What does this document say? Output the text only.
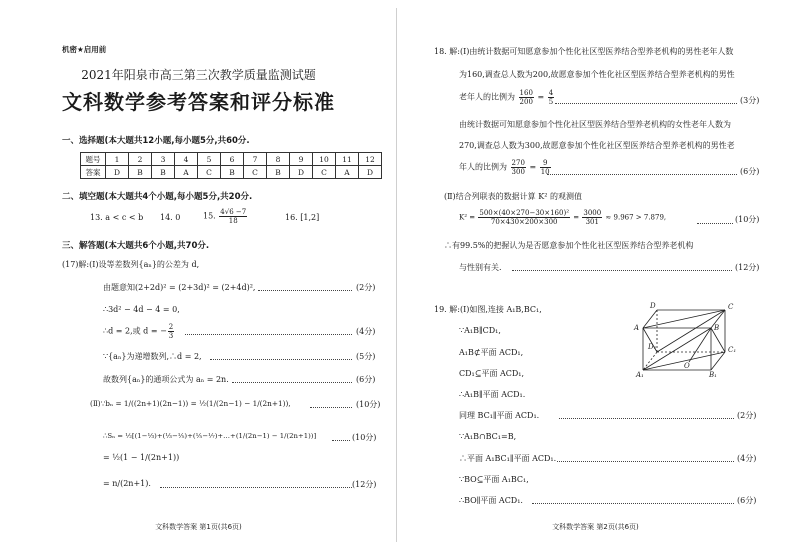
机密★启用前
2021年阳泉市高三第三次教学质量监测试题
文科数学参考答案和评分标准
一、选择题(本大题共12小题,每小题5分,共60分.
题号	1	2	3	4	5	6	7	8	9	10	11	12
答案	D	B	B	A	C	B	C	B	D	C	A	D
二、填空题(本大题共4个小题,每小题5分,共20分.
13. a < c < b 14. 0	15. $\frac{4√6 -7}{18}$	16. [1,2]
三、解答题(本大题共6个小题,共70分.
(17)解:(Ⅰ)设等差数列{aₙ}的公差为 d,
由题意知(2+2d)² = (2+3d)² = (2+4d)²,	(2分)
∴3d² − 4d − 4 = 0,
∴d = 2,或 d = − $\frac{2}{3}$	(4分)
∵{aₙ}为递增数列,∴d = 2,	(5分)
故数列{aₙ}的通项公式为 aₙ = 2n.	(6分)
(Ⅱ)∵bₙ = 1/((2n+1)(2n−1)) = ½(1/(2n−1) − 1/(2n+1)),	(10分)
∴Sₙ = ½[(1−⅓)+(⅓−⅕)+(⅕−⅐)+…+(1/(2n−1) − 1/(2n+1))]	(10分)
= ½(1 − 1/(2n+1))
= n/(2n+1).	(12分)
文科数学答案 第1页(共6页)
18. 解:(Ⅰ)由统计数据可知愿意参加个性化社区型医养结合型养老机构的男性老年人数
为160,调查总人数为200,故愿意参加个性化社区型医养结合型养老机构的男性
老年人的比例为 $\frac{160}{200} = \frac{4}{5}$	(3分)
由统计数据可知愿意参加个性化社区型医养结合型养老机构的女性老年人数为
270,调查总人数为300,故愿意参加个性化社区型医养结合型养老机构的男性老
年人的比例为 $\frac{270}{300} = \frac{9}{10}$	(6分)
(Ⅱ)结合列联表的数据计算 K² 的观测值
$K^2 = \frac{\text{500×(40×270−30×160)²}}{70\times 430\times 200\times 300} = \frac{3000}{301} \approx 9.967 > 7.879$,	(10分)
∴有99.5%的把握认为是否愿意参加个性化社区型医养结合型养老机构
与性别有关.	(12分)
19. 解:(Ⅰ)如图,连接 A₁B,BC₁,
∵A₁B∥CD₁,
A₁B⊄平面 ACD₁,
CD₁⊆平面 ACD₁,
∴A₁B∥平面 ACD₁.
同理 BC₁∥平面 ACD₁.	(2分)
∵A₁B∩BC₁=B,
∴平面 A₁BC₁∥平面 ACD₁.	(4分)
∵BO⊆平面 A₁BC₁,
∴BO∥平面 ACD₁.	(6分)
D	C
A	B
D₁	C₁
A₁	B₁
O
文科数学答案 第2页(共6页)
